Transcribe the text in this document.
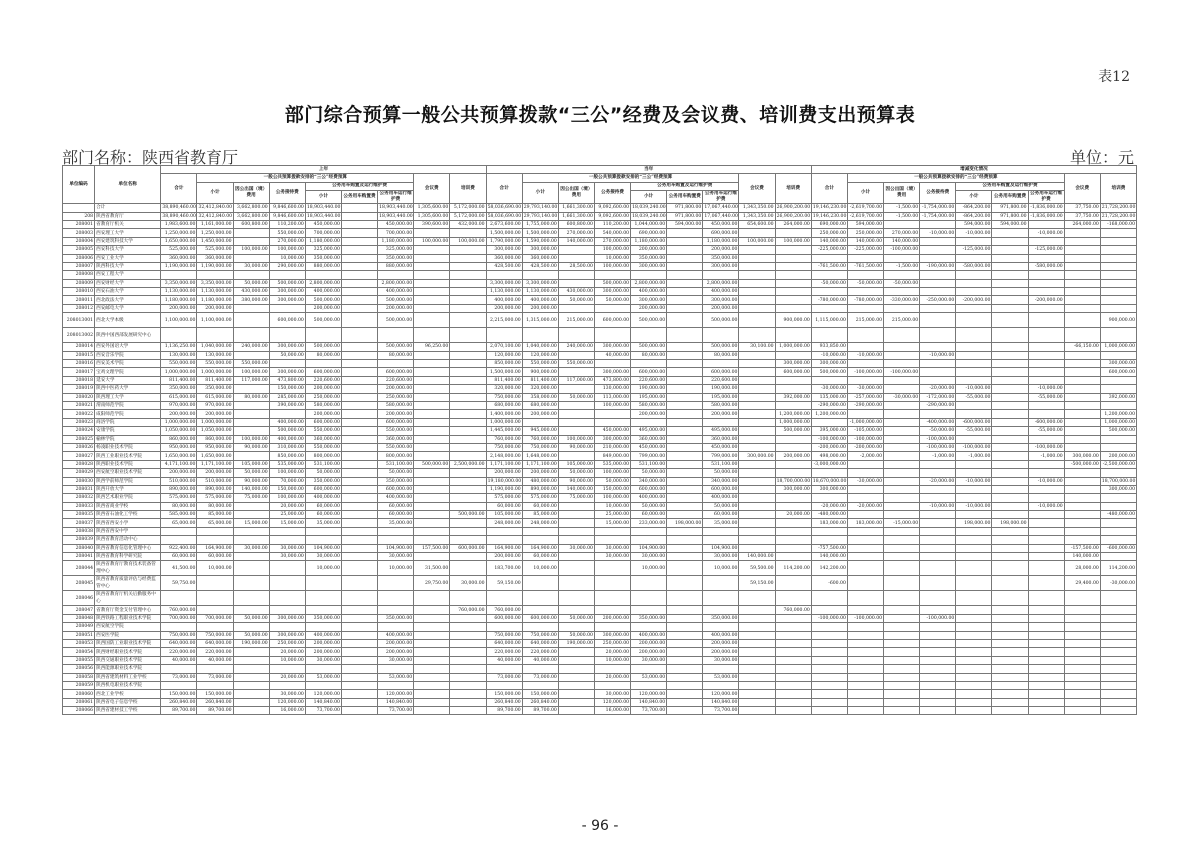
表12
部门综合预算一般公共预算拨款“三公”经费及会议费、培训费支出预算表
部门名称：陕西省教育厅	单位：元
单位编码	单位名称	上年									当年									增减变化情况								
		合计	一般公共预算拨款安排的“三公”经费预算						会议费	培训费	合计	一般公共预算拨款安排的“三公”经费预算						会议费	培训费	合计	一般公共预算拨款安排的“三公”经费预算						会议费	培训费
			小计	因公出国（境）费用	公务接待费	公务用车购置及运行维护费						小计	因公出国（境）费用	公务接待费	公务用车购置及运行维护费						小计	因公出国（境）费用	公务接待费	公务用车购置及运行维护费				
						小计	公务用车购置费	公务用车运行维护费							小计	公务用车购置费	公务用车运行维护费							小计	公务用车购置费	公务用车运行维护费		
	合计	38,890,460.00	32,412,840.00	3,662,800.00	9,846,600.00	18,903,440.00		18,903,440.00	1,305,600.00	5,172,000.00	58,036,690.00	29,793,140.00	1,661,300.00	9,092,600.00	18,039,240.00	971,800.00	17,067,440.00	1,343,350.00	26,900,200.00	19,146,230.00	-2,619,700.00	-1,500.00	-1,754,000.00	-864,200.00	971,800.00	-1,836,000.00	37,750.00	21,728,200.00
208	陕西省教育厅	38,890,460.00	32,412,840.00	3,662,800.00	9,846,600.00	18,903,440.00		18,903,440.00	1,305,600.00	5,172,000.00	58,036,690.00	29,793,140.00	1,661,300.00	9,092,600.00	18,039,240.00	971,800.00	17,067,440.00	1,343,350.00	26,900,200.00	19,146,230.00	-2,619,700.00	-1,500.00	-1,754,000.00	-864,200.00	971,800.00	-1,836,000.00	37,750.00	21,728,200.00
208001	省教育厅机关	1,983,600.00	1,161,000.00	600,800.00	110,200.00	450,000.00		450,000.00	390,600.00	432,000.00	2,673,600.00	1,755,000.00	600,800.00	110,200.00	1,044,000.00	594,000.00	450,000.00	654,600.00	264,000.00	690,000.00	594,000.00			594,000.00	594,000.00		264,000.00	-168,000.00
208003	西安理工大学	1,250,000.00	1,250,000.00		550,000.00	700,000.00		700,000.00			1,500,000.00	1,500,000.00	270,000.00	540,000.00	690,000.00		690,000.00			250,000.00	250,000.00	270,000.00	-10,000.00	-10,000.00		-10,000.00		
208004	西安建筑科技大学	1,650,000.00	1,450,000.00		270,000.00	1,180,000.00		1,180,000.00	100,000.00	100,000.00	1,790,000.00	1,590,000.00	140,000.00	270,000.00	1,180,000.00		1,180,000.00	100,000.00	100,000.00	140,000.00	140,000.00	140,000.00						
208005	西安科技大学	525,000.00	525,000.00	100,000.00	100,000.00	325,000.00		325,000.00			300,000.00	300,000.00		100,000.00	200,000.00		200,000.00			-225,000.00	-225,000.00	-100,000.00		-125,000.00		-125,000.00		
208006	西安工业大学	360,000.00	360,000.00		10,000.00	350,000.00		350,000.00			360,000.00	360,000.00		10,000.00	350,000.00		350,000.00											
208007	陕西科技大学	1,190,000.00	1,190,000.00	30,000.00	290,000.00	880,000.00		880,000.00			428,500.00	428,500.00	28,500.00	100,000.00	300,000.00		300,000.00			-761,500.00	-761,500.00	-1,500.00	-190,000.00	-580,000.00		-580,000.00		
208008	西安工程大学																											
208009	西安财经大学	3,350,000.00	3,350,000.00	50,000.00	500,000.00	2,800,000.00		2,800,000.00			3,300,000.00	3,300,000.00		500,000.00	2,800,000.00		2,800,000.00			-50,000.00	-50,000.00	-50,000.00						
208010	西安石油大学	1,130,000.00	1,130,000.00	430,000.00	300,000.00	400,000.00		400,000.00			1,130,000.00	1,130,000.00	430,000.00	300,000.00	400,000.00		400,000.00											
208011	西北政法大学	1,180,000.00	1,180,000.00	380,000.00	300,000.00	500,000.00		500,000.00			400,000.00	400,000.00	50,000.00	50,000.00	300,000.00		300,000.00			-780,000.00	-780,000.00	-330,000.00	-250,000.00	-200,000.00		-200,000.00		
208012	西安邮电大学	200,000.00	200,000.00			200,000.00		200,000.00			200,000.00	200,000.00			200,000.00		200,000.00											
208013001	西北大学本级	1,100,000.00	1,100,000.00		600,000.00	500,000.00		500,000.00			2,215,000.00	1,315,000.00	215,000.00	600,000.00	500,000.00		500,000.00		900,000.00	1,115,000.00	215,000.00	215,000.00						900,000.00
208013002	陕西中国西部发展研究中心																											
208014	西安外国语大学	1,136,250.00	1,040,000.00	240,000.00	300,000.00	500,000.00		500,000.00	96,250.00		2,070,100.00	1,040,000.00	240,000.00	300,000.00	500,000.00		500,000.00	30,100.00	1,000,000.00	933,850.00							-66,150.00	1,000,000.00
208015	西安音乐学院	130,000.00	130,000.00		50,000.00	80,000.00		80,000.00			120,000.00	120,000.00		40,000.00	80,000.00		80,000.00			-10,000.00	-10,000.00		-10,000.00					
208016	西安美术学院	550,000.00	550,000.00	550,000.00							850,000.00	550,000.00	550,000.00						300,000.00	300,000.00								300,000.00
208017	宝鸡文理学院	1,000,000.00	1,000,000.00	100,000.00	300,000.00	600,000.00		600,000.00			1,500,000.00	900,000.00		300,000.00	600,000.00		600,000.00		600,000.00	500,000.00	-100,000.00	-100,000.00						600,000.00
208018	延安大学	811,400.00	811,400.00	117,000.00	473,800.00	220,600.00		220,600.00			811,400.00	811,400.00	117,000.00	473,800.00	220,600.00		220,600.00											
208019	陕西中医药大学	350,000.00	350,000.00		150,000.00	200,000.00		200,000.00			320,000.00	320,000.00		130,000.00	190,000.00		190,000.00			-30,000.00	-30,000.00		-20,000.00	-10,000.00		-10,000.00		
208020	陕西理工大学	615,000.00	615,000.00	80,000.00	285,000.00	250,000.00		250,000.00			750,000.00	358,000.00	50,000.00	113,000.00	195,000.00		195,000.00		392,000.00	135,000.00	-257,000.00	-30,000.00	-172,000.00	-55,000.00		-55,000.00		392,000.00
208021	渭南师范学院	970,000.00	970,000.00		390,000.00	580,000.00		580,000.00			680,000.00	680,000.00		100,000.00	580,000.00		580,000.00			-290,000.00	-290,000.00		-290,000.00					
208022	咸阳师范学院	200,000.00	200,000.00			200,000.00		200,000.00			1,400,000.00	200,000.00			200,000.00		200,000.00		1,200,000.00	1,200,000.00								1,200,000.00
208023	商洛学院	1,000,000.00	1,000,000.00		400,000.00	600,000.00		600,000.00			1,000,000.00								1,000,000.00		-1,000,000.00		-400,000.00	-600,000.00		-600,000.00		1,000,000.00
208024	安康学院	1,050,000.00	1,050,000.00		500,000.00	550,000.00		550,000.00			1,445,000.00	945,000.00		450,000.00	495,000.00		495,000.00		500,000.00	395,000.00	-105,000.00		-50,000.00	-55,000.00		-55,000.00		500,000.00
208025	榆林学院	860,000.00	860,000.00	100,000.00	400,000.00	360,000.00		360,000.00			760,000.00	760,000.00	100,000.00	300,000.00	360,000.00		360,000.00			-100,000.00	-100,000.00		-100,000.00					
208026	杨凌职业技术学院	950,000.00	950,000.00	90,000.00	310,000.00	550,000.00		550,000.00			750,000.00	750,000.00	90,000.00	210,000.00	450,000.00		450,000.00			-200,000.00	-200,000.00		-100,000.00	-100,000.00		-100,000.00		
208027	陕西工业职业技术学院	1,650,000.00	1,650,000.00		850,000.00	800,000.00		800,000.00			2,148,000.00	1,648,000.00		849,000.00	799,000.00		799,000.00	300,000.00	200,000.00	498,000.00	-2,000.00		-1,000.00	-1,000.00		-1,000.00	300,000.00	200,000.00
208028	陕西职业技术学院	4,171,100.00	1,171,100.00	105,000.00	535,000.00	531,100.00		531,100.00	500,000.00	2,500,000.00	1,171,100.00	1,171,100.00	105,000.00	535,000.00	531,100.00		531,100.00			-3,000,000.00							-500,000.00	-2,500,000.00
208029	西安航空职业技术学院	200,000.00	200,000.00	50,000.00	100,000.00	50,000.00		50,000.00			200,000.00	200,000.00	50,000.00	100,000.00	50,000.00		50,000.00											
208030	陕西学前师范学院	510,000.00	510,000.00	90,000.00	70,000.00	350,000.00		350,000.00			19,180,000.00	480,000.00	90,000.00	50,000.00	340,000.00		340,000.00		18,700,000.00	18,670,000.00	-30,000.00		-20,000.00	-10,000.00		-10,000.00		18,700,000.00
208031	陕西开放大学	890,000.00	890,000.00	140,000.00	150,000.00	600,000.00		600,000.00			1,190,000.00	890,000.00	140,000.00	150,000.00	600,000.00		600,000.00		300,000.00	300,000.00								300,000.00
208032	陕西艺术职业学院	575,000.00	575,000.00	75,000.00	100,000.00	400,000.00		400,000.00			575,000.00	575,000.00	75,000.00	100,000.00	400,000.00		400,000.00											
208033	陕西省商业学校	80,000.00	80,000.00		20,000.00	60,000.00		60,000.00			60,000.00	60,000.00		10,000.00	50,000.00		50,000.00			-20,000.00	-20,000.00		-10,000.00	-10,000.00		-10,000.00		
208035	陕西省石油化工学校	585,000.00	85,000.00		25,000.00	60,000.00		60,000.00		500,000.00	105,000.00	85,000.00		25,000.00	60,000.00		60,000.00		20,000.00	-480,000.00								-480,000.00
208037	陕西省西安小学	65,000.00	65,000.00	15,000.00	15,000.00	35,000.00		35,000.00			248,000.00	248,000.00		15,000.00	233,000.00	198,000.00	35,000.00			183,000.00	183,000.00	-15,000.00		198,000.00	198,000.00			
208038	陕西省西安中学																											
208039	陕西省教育活动中心																											
208040	陕西省教育信息化管理中心	922,400.00	164,900.00	30,000.00	30,000.00	104,900.00		104,900.00	157,500.00	600,000.00	164,900.00	164,900.00	30,000.00	30,000.00	104,900.00		104,900.00			-757,500.00							-157,500.00	-600,000.00
208041	陕西省教育科学研究院	60,000.00	60,000.00		30,000.00	30,000.00		30,000.00			200,000.00	60,000.00		30,000.00	30,000.00		30,000.00	140,000.00		140,000.00							140,000.00	
208044	陕西省教育厅教育技术装备管理中心	41,500.00	10,000.00			10,000.00		10,000.00	31,500.00		183,700.00	10,000.00			10,000.00		10,000.00	59,500.00	114,200.00	142,200.00							28,000.00	114,200.00
208045	陕西省教育质量评估与经费监管中心	59,750.00							29,750.00	30,000.00	59,150.00							59,150.00		-600.00							29,400.00	-30,000.00
208046	陕西省教育厅机关后勤服务中心																											
208047	省教育厅资金支付管理中心	760,000.00								760,000.00	760,000.00								760,000.00									
208048	陕西铁路工程职业技术学院	700,000.00	700,000.00	50,000.00	300,000.00	350,000.00		350,000.00			600,000.00	600,000.00	50,000.00	200,000.00	350,000.00		350,000.00			-100,000.00	-100,000.00		-100,000.00					
208049	西安航空学院																											
208051	西安医学院	750,000.00	750,000.00	50,000.00	300,000.00	400,000.00		400,000.00			750,000.00	750,000.00	50,000.00	300,000.00	400,000.00		400,000.00											
208053	陕西国防工业职业技术学院	640,000.00	640,000.00	190,000.00	250,000.00	200,000.00		200,000.00			640,000.00	640,000.00	190,000.00	250,000.00	200,000.00		200,000.00											
208054	陕西财经职业技术学院	220,000.00	220,000.00		20,000.00	200,000.00		200,000.00			220,000.00	220,000.00		20,000.00	200,000.00		200,000.00											
208055	陕西交通职业技术学院	40,000.00	40,000.00		10,000.00	30,000.00		30,000.00			40,000.00	40,000.00		10,000.00	30,000.00		30,000.00											
208056	陕西能源职业技术学院																											
208058	陕西省建筑材料工业学校	73,000.00	73,000.00		20,000.00	53,000.00		53,000.00			73,000.00	73,000.00		20,000.00	53,000.00		53,000.00											
208059	陕西机电职业技术学院																											
208060	西北工业学校	150,000.00	150,000.00		30,000.00	120,000.00		120,000.00			150,000.00	150,000.00		30,000.00	120,000.00		120,000.00											
208061	陕西省电子信息学校	260,840.00	260,840.00		120,000.00	140,840.00		140,840.00			260,840.00	260,840.00		120,000.00	140,840.00		140,840.00											
208066	陕西省建材技工学校	89,700.00	89,700.00		16,000.00	73,700.00		73,700.00			89,700.00	89,700.00		16,000.00	73,700.00		73,700.00											
- 96 -
